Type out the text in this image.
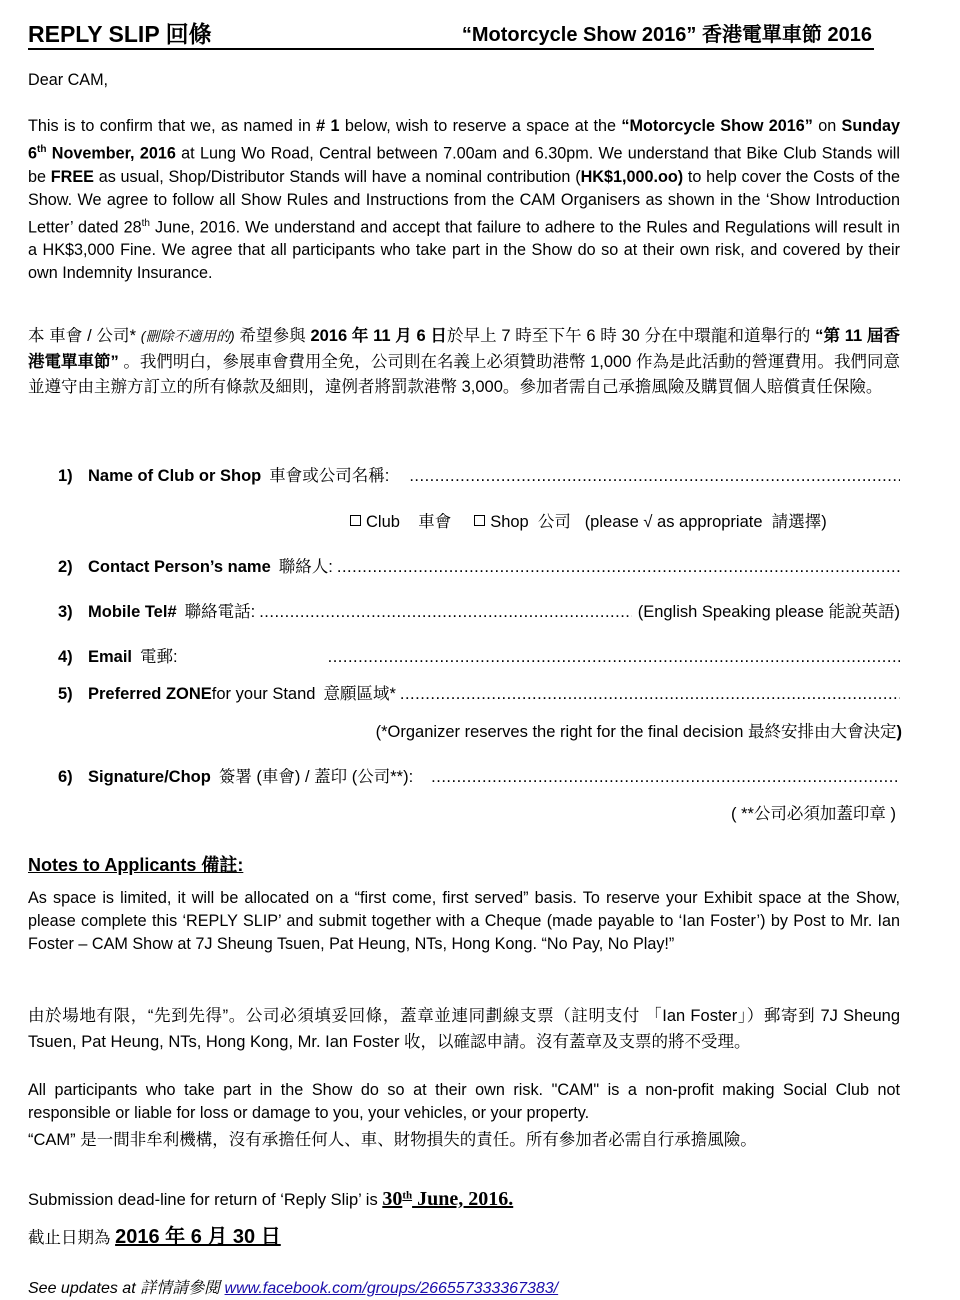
REPLY SLIP 回條	“Motorcycle Show 2016” 香港電單車節 2016
Dear CAM,
This is to confirm that we, as named in # 1 below, wish to reserve a space at the “Motorcycle Show 2016” on Sunday 6th November, 2016 at Lung Wo Road, Central between 7.00am and 6.30pm. We understand that Bike Club Stands will be FREE as usual, Shop/Distributor Stands will have a nominal contribution (HK$1,000.oo) to help cover the Costs of the Show. We agree to follow all Show Rules and Instructions from the CAM Organisers as shown in the ‘Show Introduction Letter’ dated 28th June, 2016. We understand and accept that failure to adhere to the Rules and Regulations will result in a HK$3,000 Fine. We agree that all participants who take part in the Show do so at their own risk, and covered by their own Indemnity Insurance.
本 車會 / 公司* (刪除不適用的) 希望參與 2016 年 11 月 6 日於早上 7 時至下午 6 時 30 分在中環龍和道舉行的 “第 11 屆香港電單車節” 。我們明白，參展車會費用全免，公司則在名義上必須贊助港幣 1,000 作為是此活動的營運費用。我們同意並遵守由主辦方訂立的所有條款及細則，違例者將罰款港幣 3,000。參加者需自己承擔風險及購買個人賠償責任保險。
1) Name of Club or Shop 車會或公司名稱:
.....
Club 車會 Shop 公司 (please √ as appropriate 請選擇)
2) Contact Person’s name 聯絡人:
.....
3) Mobile Tel# 聯絡電話:
.....	(English Speaking please 能說英語)
4) Email 電郵:
.....
5) Preferred ZONE for your Stand 意願區域*
.....
(*Organizer reserves the right for the final decision 最終安排由大會決定)
6) Signature/Chop 簽署 (車會) / 蓋印 (公司**):
.....
( **公司必須加蓋印章 )
Notes to Applicants 備註:
As space is limited, it will be allocated on a “first come, first served” basis. To reserve your Exhibit space at the Show, please complete this ‘REPLY SLIP’ and submit together with a Cheque (made payable to ‘Ian Foster’) by Post to Mr. Ian Foster – CAM Show at 7J Sheung Tsuen, Pat Heung, NTs, Hong Kong. “No Pay, No Play!”
由於場地有限，“先到先得”。公司必須填妥回條，蓋章並連同劃線支票（註明支付 「Ian Foster」）郵寄到 7J Sheung Tsuen, Pat Heung, NTs, Hong Kong, Mr. Ian Foster 收，以確認申請。沒有蓋章及支票的將不受理。
All participants who take part in the Show do so at their own risk. "CAM" is a non-profit making Social Club not responsible or liable for loss or damage to you, your vehicles, or your property.
“CAM” 是一間非牟利機構，沒有承擔任何人、車、財物損失的責任。所有參加者必需自行承擔風險。
Submission dead-line for return of ‘Reply Slip’ is 30th June, 2016.
截止日期為 2016 年 6 月 30 日
See updates at 詳情請參閱 www.facebook.com/groups/266557333367383/
